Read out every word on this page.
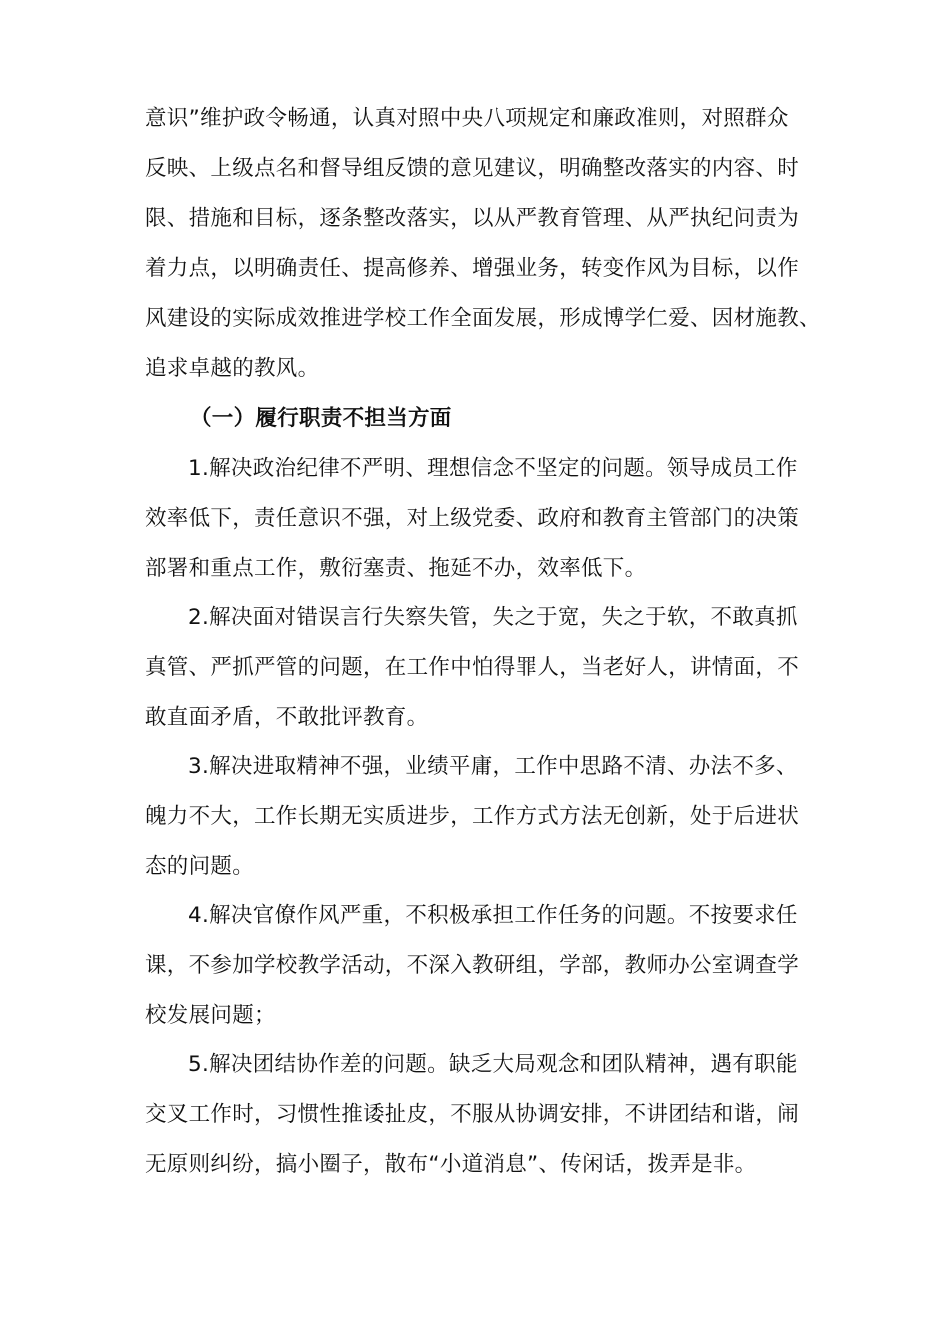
意识”维护政令畅通，认真对照中央八项规定和廉政准则，对照群众
反映、上级点名和督导组反馈的意见建议，明确整改落实的内容、时
限、措施和目标，逐条整改落实，以从严教育管理、从严执纪问责为
着力点，以明确责任、提高修养、增强业务，转变作风为目标，以作
风建设的实际成效推进学校工作全面发展，形成博学仁爱、因材施教、
追求卓越的教风。
（一）履行职责不担当方面
1.解决政治纪律不严明、理想信念不坚定的问题。领导成员工作
效率低下，责任意识不强，对上级党委、政府和教育主管部门的决策
部署和重点工作，敷衍塞责、拖延不办，效率低下。
2.解决面对错误言行失察失管，失之于宽，失之于软，不敢真抓
真管、严抓严管的问题，在工作中怕得罪人，当老好人，讲情面，不
敢直面矛盾，不敢批评教育。
3.解决进取精神不强，业绩平庸，工作中思路不清、办法不多、
魄力不大，工作长期无实质进步，工作方式方法无创新，处于后进状
态的问题。
4.解决官僚作风严重，不积极承担工作任务的问题。不按要求任
课，不参加学校教学活动，不深入教研组，学部，教师办公室调查学
校发展问题；
5.解决团结协作差的问题。缺乏大局观念和团队精神，遇有职能
交叉工作时，习惯性推诿扯皮，不服从协调安排，不讲团结和谐，闹
无原则纠纷，搞小圈子，散布“小道消息”、传闲话，拨弄是非。
